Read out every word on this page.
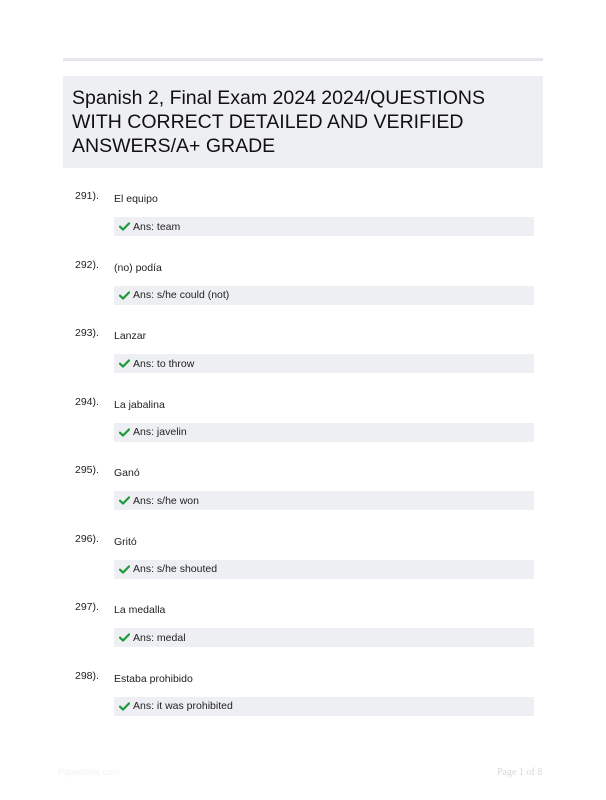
Spanish 2, Final Exam 2024 2024/QUESTIONS WITH CORRECT DETAILED AND VERIFIED ANSWERS/A+ GRADE
291). El equipo
Ans: team
292). (no) podía
Ans: s/he could (not)
293). Lanzar
Ans: to throw
294). La jabalina
Ans: javelin
295). Ganó
Ans: s/he won
296). Gritó
Ans: s/he shouted
297). La medalla
Ans: medal
298). Estaba prohibido
Ans: it was prohibited
Paperbliss.com	Page 1 of 8
